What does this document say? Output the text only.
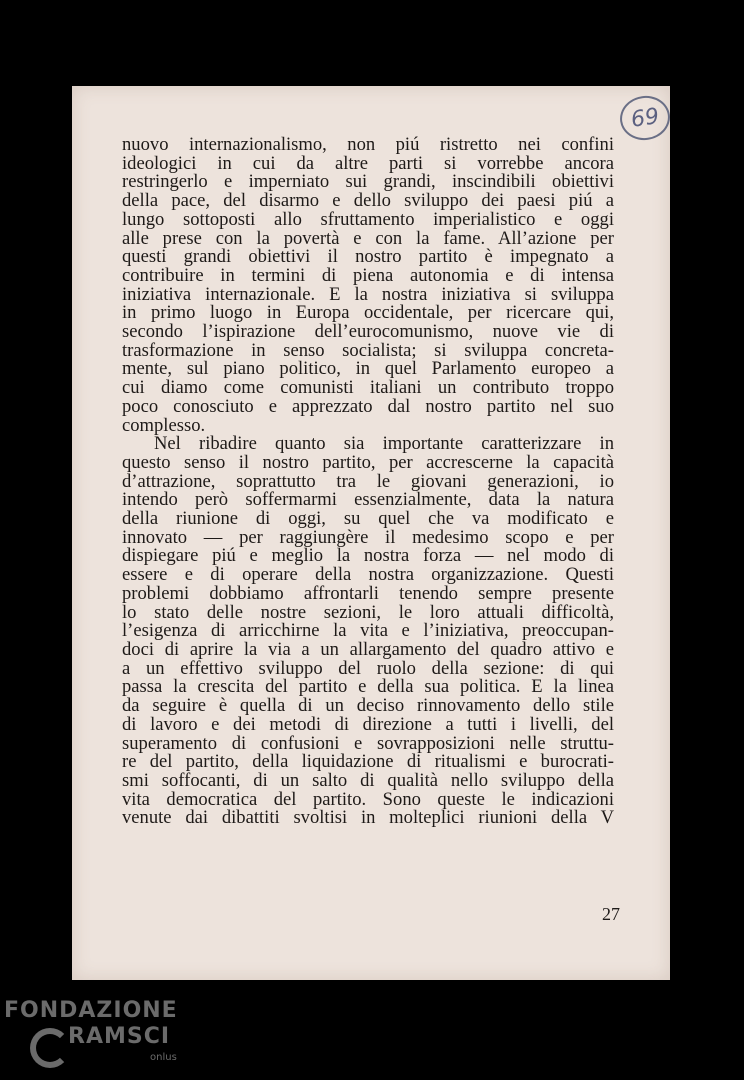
69
nuovo internazionalismo, non piú ristretto nei confini
ideologici in cui da altre parti si vorrebbe ancora
restringerlo e imperniato sui grandi, inscindibili obiettivi
della pace, del disarmo e dello sviluppo dei paesi piú a
lungo sottoposti allo sfruttamento imperialistico e oggi
alle prese con la povertà e con la fame. All’azione per
questi grandi obiettivi il nostro partito è impegnato a
contribuire in termini di piena autonomia e di intensa
iniziativa internazionale. E la nostra iniziativa si sviluppa
in primo luogo in Europa occidentale, per ricercare qui,
secondo l’ispirazione dell’eurocomunismo, nuove vie di
trasformazione in senso socialista; si sviluppa concreta-
mente, sul piano politico, in quel Parlamento europeo a
cui diamo come comunisti italiani un contributo troppo
poco conosciuto e apprezzato dal nostro partito nel suo
complesso.
Nel ribadire quanto sia importante caratterizzare in
questo senso il nostro partito, per accrescerne la capacità
d’attrazione, soprattutto tra le giovani generazioni, io
intendo però soffermarmi essenzialmente, data la natura
della riunione di oggi, su quel che va modificato e
innovato — per raggiungère il medesimo scopo e per
dispiegare piú e meglio la nostra forza — nel modo di
essere e di operare della nostra organizzazione. Questi
problemi dobbiamo affrontarli tenendo sempre presente
lo stato delle nostre sezioni, le loro attuali difficoltà,
l’esigenza di arricchirne la vita e l’iniziativa, preoccupan-
doci di aprire la via a un allargamento del quadro attivo e
a un effettivo sviluppo del ruolo della sezione: di qui
passa la crescita del partito e della sua politica. E la linea
da seguire è quella di un deciso rinnovamento dello stile
di lavoro e dei metodi di direzione a tutti i livelli, del
superamento di confusioni e sovrapposizioni nelle struttu-
re del partito, della liquidazione di ritualismi e burocrati-
smi soffocanti, di un salto di qualità nello sviluppo della
vita democratica del partito. Sono queste le indicazioni
venute dai dibattiti svoltisi in molteplici riunioni della V
27
FONDAZIONE
RAMSCI
onlus
